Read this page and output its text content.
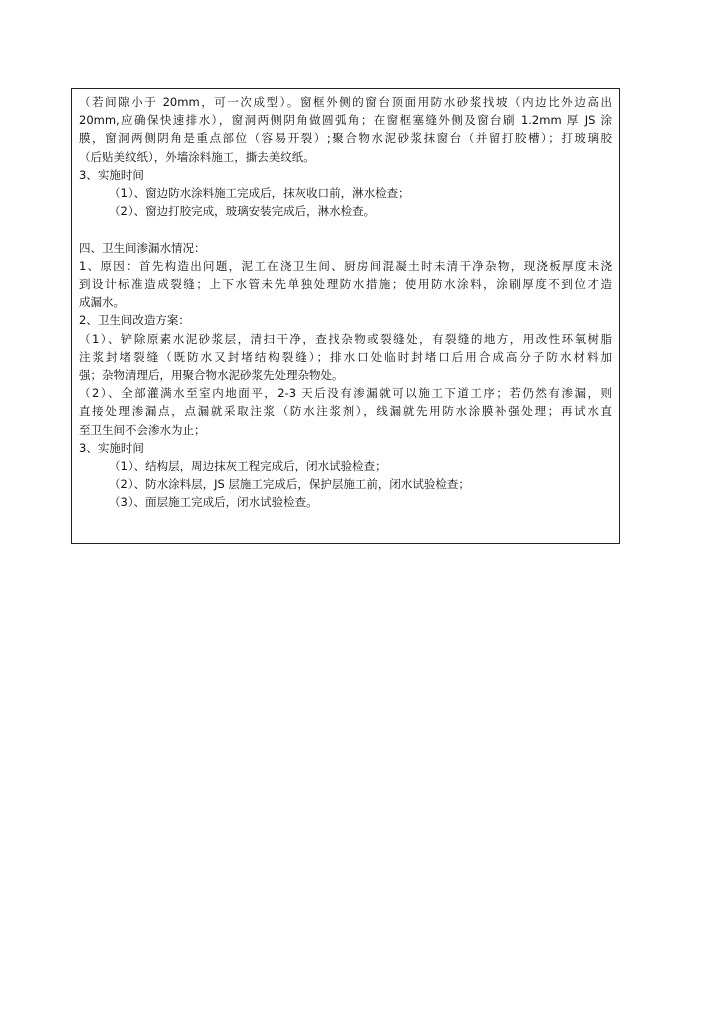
（若间隙小于 20mm，可一次成型）。窗框外侧的窗台顶面用防水砂浆找坡（内边比外边高出

20mm,应确保快速排水），窗洞两侧阴角做圆弧角；在窗框塞缝外侧及窗台刷 1.2mm 厚 JS 涂

膜，窗洞两侧阴角是重点部位（容易开裂）;聚合物水泥砂浆抹窗台（并留打胶槽）；打玻璃胶

（后贴美纹纸），外墙涂料施工，撕去美纹纸。

3、实施时间

（1）、窗边防水涂料施工完成后，抹灰收口前，淋水检查；

（2）、窗边打胶完成，玻璃安装完成后，淋水检查。

四、卫生间渗漏水情况：

1、原因：首先构造出问题，泥工在浇卫生间、厨房间混凝土时未清干净杂物，现浇板厚度未浇

到设计标准造成裂缝；上下水管未先单独处理防水措施；使用防水涂料，涂刷厚度不到位才造

成漏水。

2、卫生间改造方案：

（1）、铲除原素水泥砂浆层，清扫干净，查找杂物或裂缝处，有裂缝的地方，用改性环氧树脂

注浆封堵裂缝（既防水又封堵结构裂缝）；排水口处临时封堵口后用合成高分子防水材料加

强；杂物清理后，用聚合物水泥砂浆先处理杂物处。

（2）、全部灌满水至室内地面平，2-3 天后没有渗漏就可以施工下道工序；若仍然有渗漏，则

直接处理渗漏点，点漏就采取注浆（防水注浆剂），线漏就先用防水涂膜补强处理；再试水直

至卫生间不会渗水为止；

3、实施时间

（1）、结构层，周边抹灰工程完成后，闭水试验检查；

（2）、防水涂料层，JS 层施工完成后，保护层施工前，闭水试验检查；

（3）、面层施工完成后，闭水试验检查。
